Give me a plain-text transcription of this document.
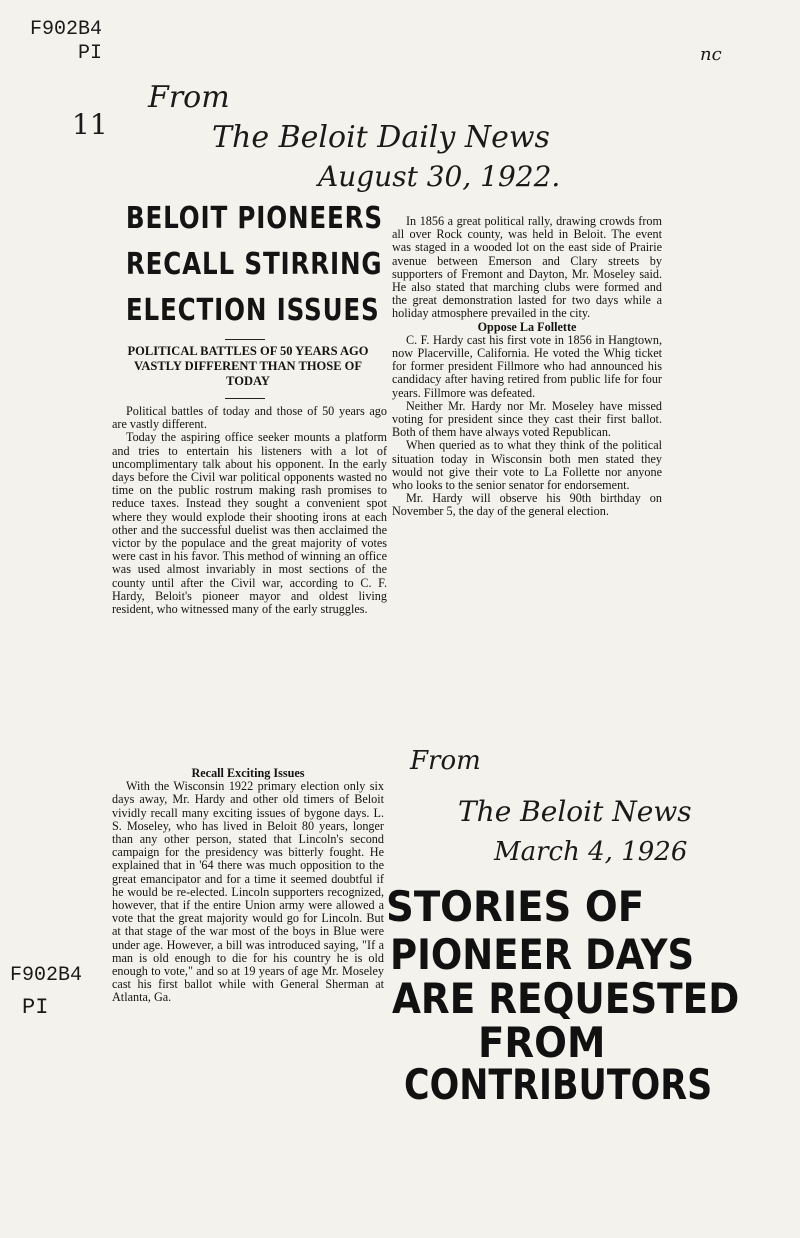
F902B4
PI
11
nc
From
The Beloit Daily News
August 30, 1922.
From
The Beloit News
March 4, 1926
F902B4
PI
BELOIT PIONEERS
RECALL STIRRING
ELECTION ISSUES
POLITICAL BATTLES OF 50 YEARS AGO VASTLY DIFFERENT THAN THOSE OF TODAY

Political battles of today and those of 50 years ago are vastly different.

Today the aspiring office seeker mounts a platform and tries to entertain his listeners with a lot of uncomplimentary talk about his opponent. In the early days before the Civil war political opponents wasted no time on the public rostrum making rash promises to reduce taxes. Instead they sought a convenient spot where they would explode their shooting irons at each other and the successful duelist was then acclaimed the victor by the populace and the great majority of votes were cast in his favor. This method of winning an office was used almost invariably in most sections of the county until after the Civil war, according to C. F. Hardy, Beloit's pioneer mayor and oldest living resident, who witnessed many of the early struggles.

Recall Exciting Issues

With the Wisconsin 1922 primary election only six days away, Mr. Hardy and other old timers of Beloit vividly recall many exciting issues of bygone days. L. S. Moseley, who has lived in Beloit 80 years, longer than any other person, stated that Lincoln's second campaign for the presidency was bitterly fought. He explained that in '64 there was much opposition to the great emancipator and for a time it seemed doubtful if he would be re-elected. Lincoln supporters recognized, however, that if the entire Union army were allowed a vote that the great majority would go for Lincoln. But at that stage of the war most of the boys in Blue were under age. However, a bill was introduced saying, "If a man is old enough to die for his country he is old enough to vote," and so at 19 years of age Mr. Moseley cast his first ballot while with General Sherman at Atlanta, Ga.

In 1856 a great political rally, drawing crowds from all over Rock county, was held in Beloit. The event was staged in a wooded lot on the east side of Prairie avenue between Emerson and Clary streets by supporters of Fremont and Dayton, Mr. Moseley said. He also stated that marching clubs were formed and the great demonstration lasted for two days while a holiday atmosphere prevailed in the city.

Oppose La Follette

C. F. Hardy cast his first vote in 1856 in Hangtown, now Placerville, California. He voted the Whig ticket for former president Fillmore who had announced his candidacy after having retired from public life for four years. Fillmore was defeated.

Neither Mr. Hardy nor Mr. Moseley have missed voting for president since they cast their first ballot. Both of them have always voted Republican.

When queried as to what they think of the political situation today in Wisconsin both men stated they would not give their vote to La Follette nor anyone who looks to the senior senator for endorsement.

Mr. Hardy will observe his 90th birthday on November 5, the day of the general election.

STORIES OF
PIONEER DAYS
ARE REQUESTED
FROM
CONTRIBUTORS
